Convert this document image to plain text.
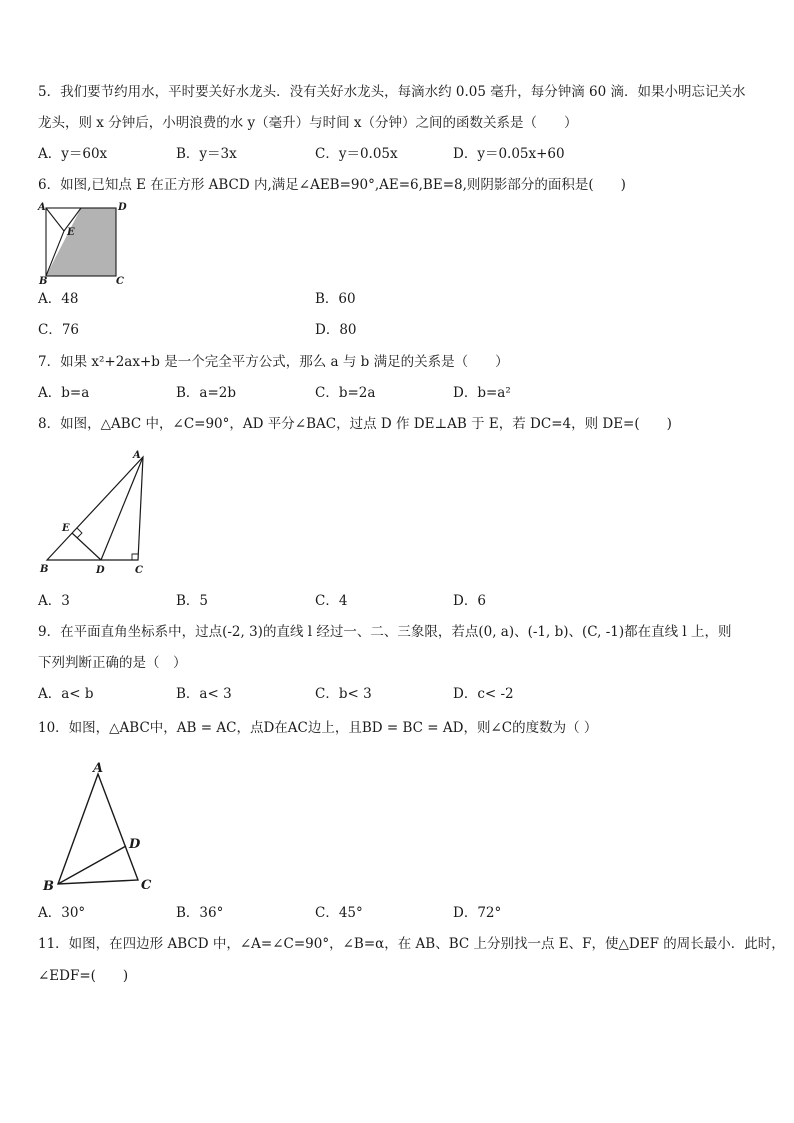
5．我们要节约用水，平时要关好水龙头．没有关好水龙头，每滴水约 0.05 毫升，每分钟滴 60 滴．如果小明忘记关水
龙头，则 x 分钟后，小明浪费的水 y（毫升）与时间 x（分钟）之间的函数关系是（　　）
A．y＝60x	B．y＝3x	C．y＝0.05x	D．y＝0.05x+60
6．如图,已知点 E 在正方形 ABCD 内,满足∠AEB=90°,AE=6,BE=8,则阴影部分的面积是(　　)
A	D
B	C
E
A．48	B．60
C．76	D．80
7．如果 x²+2ax+b 是一个完全平方公式，那么 a 与 b 满足的关系是（　　）
A．b=a	B．a=2b	C．b=2a	D．b=a²
8．如图，△ABC 中，∠C=90°，AD 平分∠BAC，过点 D 作 DE⊥AB 于 E，若 DC=4，则 DE=(　　)
A
E
B	D	C
A．3	B．5	C．4	D．6
9．在平面直角坐标系中，过点(-2, 3)的直线 l 经过一、二、三象限，若点(0, a)、(-1, b)、(C, -1)都在直线 l 上，则
下列判断正确的是（　）
A．a< b	B．a< 3	C．b< 3	D．c< -2
10．如图，△ABC中，AB = AC，点D在AC边上，且BD = BC = AD，则∠C的度数为（ ）
A
B	C
D
A．30°	B．36°	C．45°	D．72°
11．如图，在四边形 ABCD 中，∠A=∠C=90°，∠B=α，在 AB、BC 上分别找一点 E、F，使△DEF 的周长最小．此时，
∠EDF=(　　)
